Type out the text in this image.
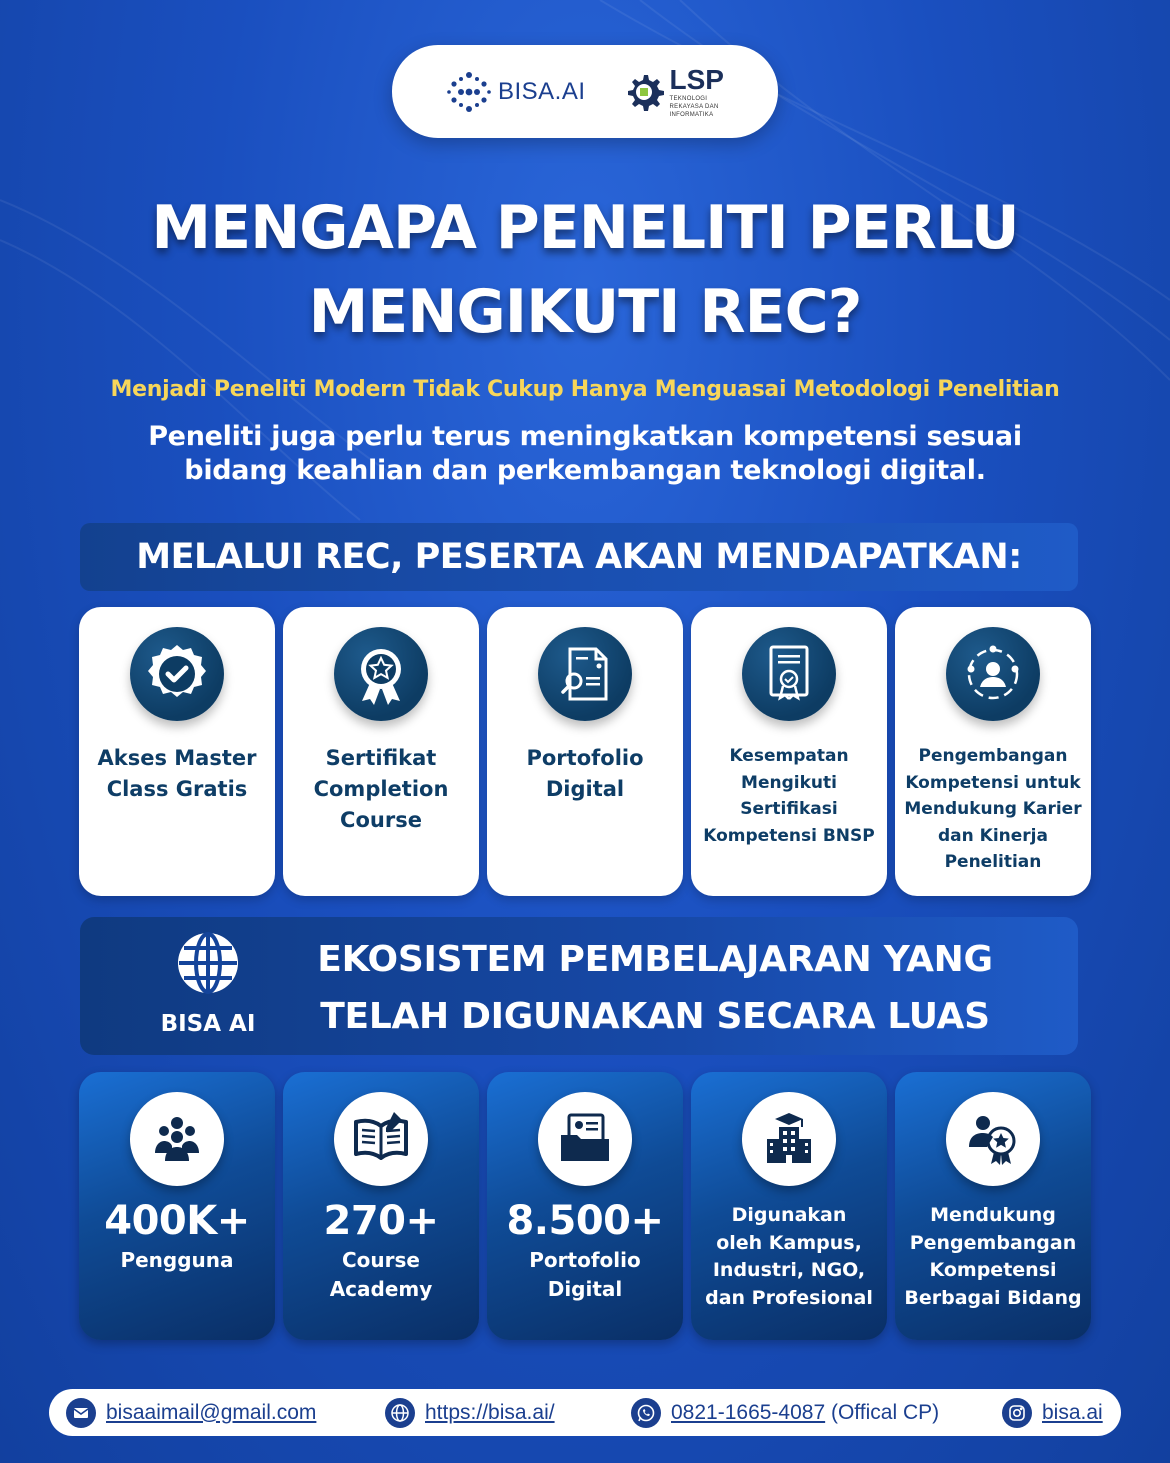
BISA.AI	LSP
TEKNOLOGI
REKAYASA DAN
INFORMATIKA
MENGAPA PENELITI PERLU
MENGIKUTI REC?
Menjadi Peneliti Modern Tidak Cukup Hanya Menguasai Metodologi Penelitian
Peneliti juga perlu terus meningkatkan kompetensi sesuai
bidang keahlian dan perkembangan teknologi digital.
MELALUI REC, PESERTA AKAN MENDAPATKAN:
Akses Master
Class Gratis
Sertifikat
Completion
Course
Portofolio
Digital
Kesempatan
Mengikuti
Sertifikasi
Kompetensi BNSP
Pengembangan
Kompetensi untuk
Mendukung Karier
dan Kinerja
Penelitian
BISA AI
EKOSISTEM PEMBELAJARAN YANG
TELAH DIGUNAKAN SECARA LUAS
400K+
Pengguna
270+
Course
Academy
8.500+
Portofolio
Digital
Digunakan
oleh Kampus,
Industri, NGO,
dan Profesional
Mendukung
Pengembangan
Kompetensi
Berbagai Bidang
bisaaimail@gmail.com	https://bisa.ai/	0821-1665-4087 (Offical CP)	bisa.ai
